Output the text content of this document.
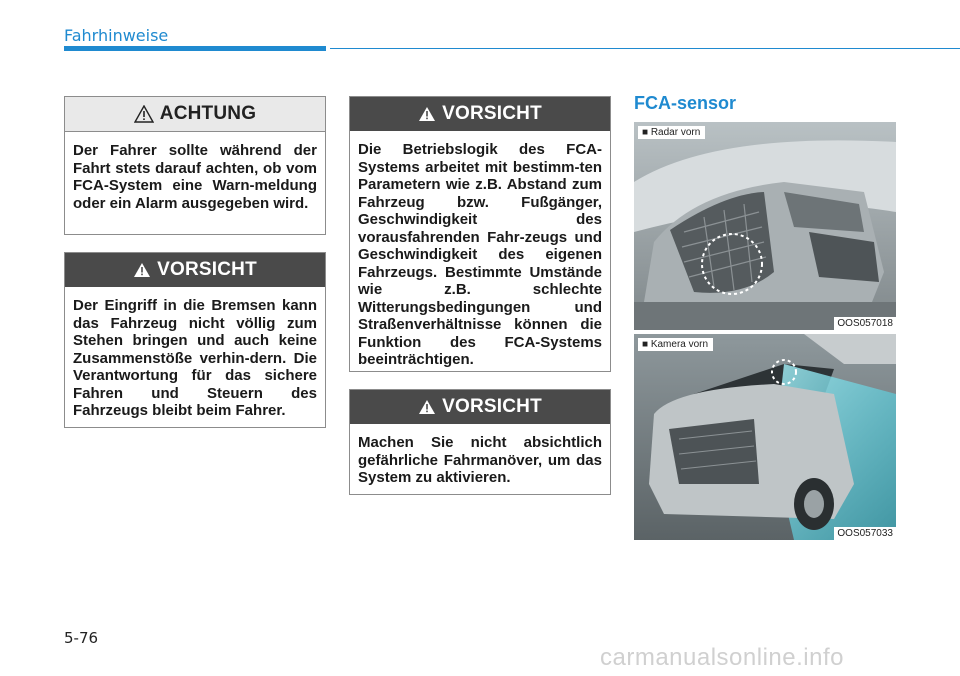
Fahrhinweise
ACHTUNG
Der Fahrer sollte während der Fahrt stets darauf achten, ob vom FCA-System eine Warn-meldung oder ein Alarm ausgegeben wird.
VORSICHT
Der Eingriff in die Bremsen kann das Fahrzeug nicht völlig zum Stehen bringen und auch keine Zusammenstöße verhin-dern. Die Verantwortung für das sichere Fahren und Steuern des Fahrzeugs bleibt beim Fahrer.
VORSICHT
Die Betriebslogik des FCA-Systems arbeitet mit bestimm-ten Parametern wie z.B. Abstand zum Fahrzeug bzw. Fußgänger, Geschwindigkeit des vorausfahrenden Fahr-zeugs und Geschwindigkeit des eigenen Fahrzeugs. Bestimmte Umstände wie z.B. schlechte Witterungsbedingungen und Straßenverhältnisse können die Funktion des FCA-Systems beeinträchtigen.
VORSICHT
Machen Sie nicht absichtlich gefährliche Fahrmanöver, um das System zu aktivieren.
FCA-sensor
■ Radar vorn
OOS057018
■ Kamera vorn
OOS057033
5-76
carmanualsonline.info
